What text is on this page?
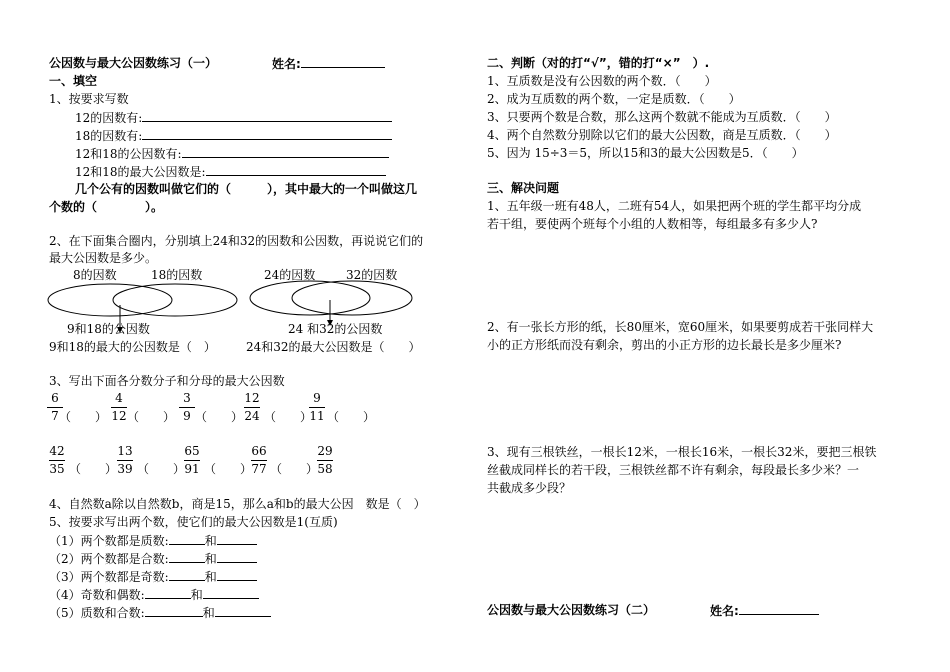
公因数与最大公因数练习（一）	姓名:
一、填空
1、按要求写数
12的因数有:
18的因数有:
12和18的公因数有:
12和18的最大公因数是:
几个公有的因数叫做它们的（　　　），其中最大的一个叫做这几
个数的（　　　　）。
2、在下面集合圈内，分别填上24和32的因数和公因数，再说说它们的
最大公因数是多少。
8的因数	18的因数	24的因数	32的因数
9和18的公因数	24 和32的公因数
9和18的最大的公因数是（　）	24和32的最大公因数是（　　）
3、写出下面各分数分子和分母的最大公因数
6
7 （　　）
4
12 （　　）
3
9 （　　）
12
24 （　　）
9
11 （　　）
42
35 （　　）
13
39 （　　）
65
91 （　　）
66
77 （　　）
29
58
4、自然数a除以自然数b，商是15，那么a和b的最大公因　数是（　）
5、按要求写出两个数，使它们的最大公因数是1(互质)
（1）两个数都是质数:	和
（2）两个数都是合数:	和
（3）两个数都是奇数:	和
（4）奇数和偶数:	和
（5）质数和合数:	和
二、判断（对的打“√”，错的打“×”　）.
1、互质数是没有公因数的两个数．（　　）
2、成为互质数的两个数，一定是质数．（　　）
3、只要两个数是合数，那么这两个数就不能成为互质数．（　　）
4、两个自然数分别除以它们的最大公因数，商是互质数．（　　）
5、因为 15÷3＝5，所以15和3的最大公因数是5．（　　）
三、解决问题
1、五年级一班有48人，二班有54人，如果把两个班的学生都平均分成
若干组，要使两个班每个小组的人数相等，每组最多有多少人?
2、有一张长方形的纸，长80厘米，宽60厘米，如果要剪成若干张同样大
小的正方形纸而没有剩余，剪出的小正方形的边长最长是多少厘米?
3、现有三根铁丝，一根长12米，一根长16米，一根长32米，要把三根铁
丝截成同样长的若干段，三根铁丝都不许有剩余，每段最长多少米？一
共截成多少段？
公因数与最大公因数练习（二）	姓名:
